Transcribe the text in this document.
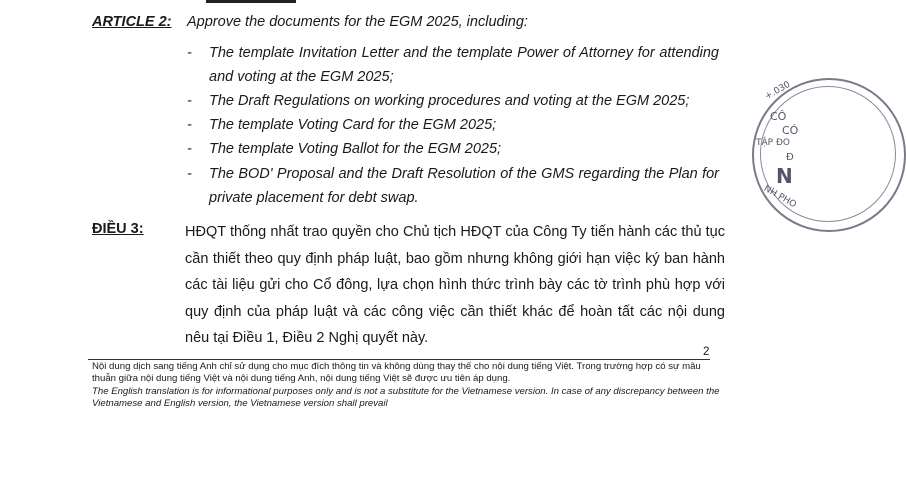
ARTICLE 2: Approve the documents for the EGM 2025, including:
- The template Invitation Letter and the template Power of Attorney for attending and voting at the EGM 2025;
- The Draft Regulations on working procedures and voting at the EGM 2025;
- The template Voting Card for the EGM 2025;
- The template Voting Ballot for the EGM 2025;
- The BOD' Proposal and the Draft Resolution of the GMS regarding the Plan for private placement for debt swap.
ĐIỀU 3:	HĐQT thống nhất trao quyền cho Chủ tịch HĐQT của Công Ty tiến hành các thủ tục cần thiết theo quy định pháp luật, bao gồm nhưng không giới hạn việc ký ban hành các tài liệu gửi cho Cổ đông, lựa chọn hình thức trình bày các tờ trình phù hợp với quy định của pháp luật và các công việc cần thiết khác để hoàn tất các nội dung nêu tại Điều 1, Điều 2 Nghị quyết này.
2
Nội dung dịch sang tiếng Anh chỉ sử dụng cho mục đích thông tin và không dùng thay thế cho nội dung tiếng Việt. Trong trường hợp có sự mâu thuẫn giữa nội dung tiếng Việt và nội dung tiếng Anh, nội dung tiếng Việt sẽ được ưu tiên áp dụng.
The English translation is for informational purposes only and is not a substitute for the Vietnamese version. In case of any discrepancy between the Vietnamese and English version, the Vietnamese version shall prevail
+.030
CÔ
CÓ
TẬP ĐO
Đ
N
NH PHO
